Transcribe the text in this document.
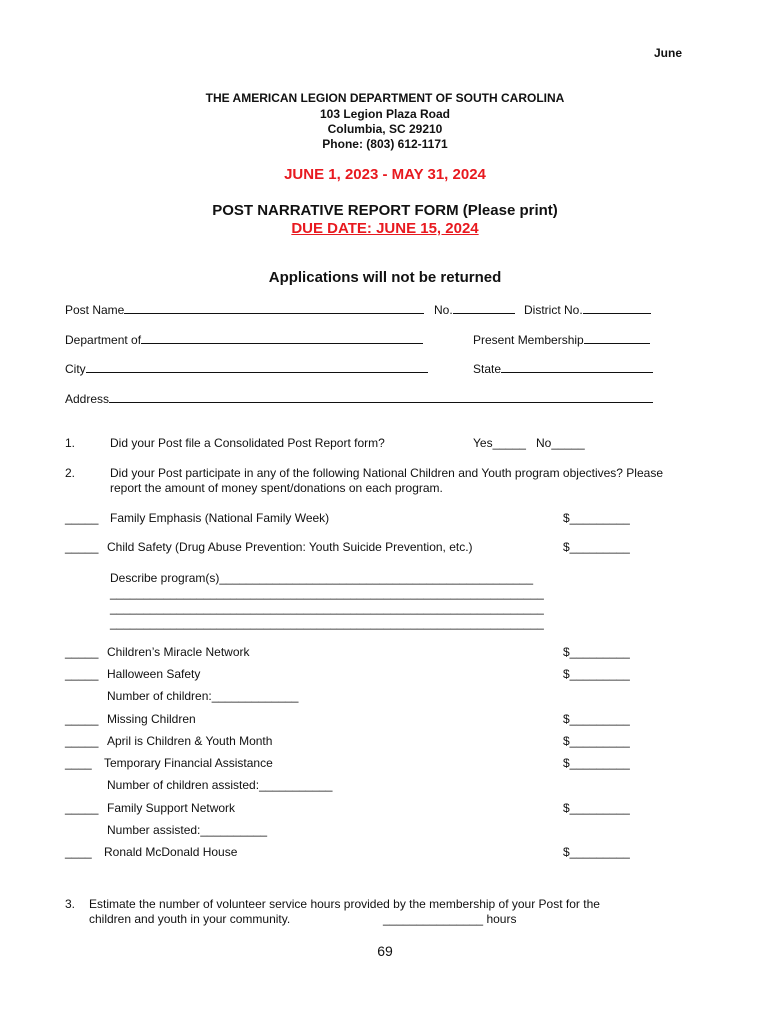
June
THE AMERICAN LEGION DEPARTMENT OF SOUTH CAROLINA
103 Legion Plaza Road
Columbia, SC 29210
Phone: (803) 612-1171
JUNE 1, 2023 - MAY 31, 2024
POST NARRATIVE REPORT FORM (Please print)
DUE DATE: JUNE 15, 2024
Applications will not be returned
Post Name	No.	District No.
Department of	Present Membership
City	State
Address
1.	Did your Post file a Consolidated Post Report form?	Yes_____ No_____
2.	Did your Post participate in any of the following National Children and Youth program objectives? Please
report the amount of money spent/donations on each program.
_____ Family Emphasis (National Family Week)	$_________
_____ Child Safety (Drug Abuse Prevention: Youth Suicide Prevention, etc.)	$_________
Describe program(s)_______________________________________________
_________________________________________________________________
_________________________________________________________________
_________________________________________________________________
_____ Children’s Miracle Network	$_________
_____ Halloween Safety	$_________
Number of children:_____________
_____ Missing Children	$_________
_____ April is Children & Youth Month	$_________
____ Temporary Financial Assistance	$_________
Number of children assisted:___________
_____ Family Support Network	$_________
Number assisted:__________
____ Ronald McDonald House	$_________
3. Estimate the number of volunteer service hours provided by the membership of your Post for the
children and youth in your community.	_______________ hours
69
